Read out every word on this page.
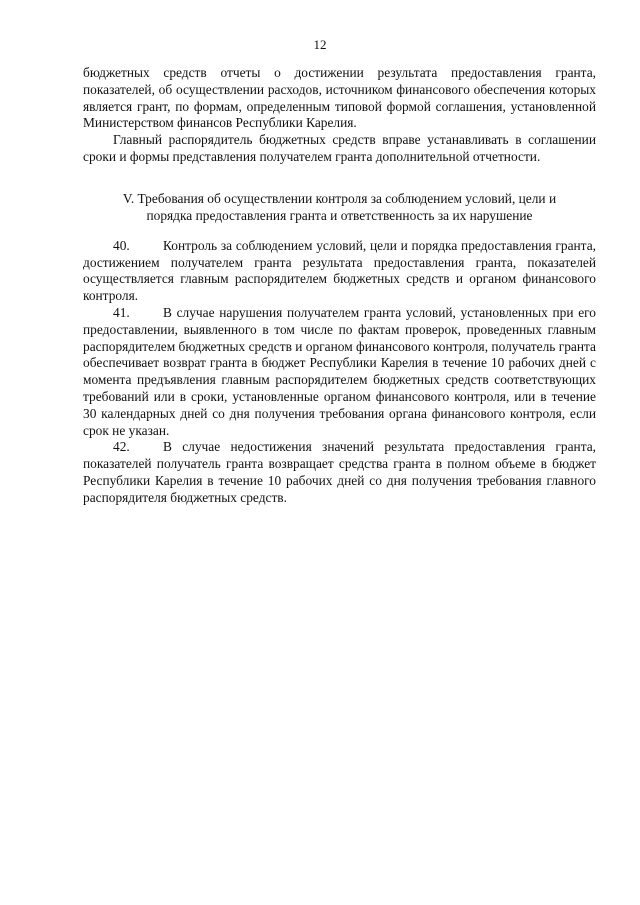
12

бюджетных средств отчеты о достижении результата предоставления гранта, показателей, об осуществлении расходов, источником финансового обеспечения которых является грант, по формам, определенным типовой формой соглашения, установленной Министерством финансов Республики Карелия.

Главный распорядитель бюджетных средств вправе устанавливать в соглашении сроки и формы представления получателем гранта дополнительной отчетности.

V. Требования об осуществлении контроля за соблюдением условий, цели и
порядка предоставления гранта и ответственность за их нарушение

40. Контроль за соблюдением условий, цели и порядка предоставления гранта, достижением получателем гранта результата предоставления гранта, показателей осуществляется главным распорядителем бюджетных средств и органом финансового контроля.

41. В случае нарушения получателем гранта условий, установленных при его предоставлении, выявленного в том числе по фактам проверок, проведенных главным распорядителем бюджетных средств и органом финансового контроля, получатель гранта обеспечивает возврат гранта в бюджет Республики Карелия в течение 10 рабочих дней с момента предъявления главным распорядителем бюджетных средств соответствующих требований или в сроки, установленные органом финансового контроля, или в течение 30 календарных дней со дня получения требования органа финансового контроля, если срок не указан.

42. В случае недостижения значений результата предоставления гранта, показателей получатель гранта возвращает средства гранта в полном объеме в бюджет Республики Карелия в течение 10 рабочих дней со дня получения требования главного распорядителя бюджетных средств.
